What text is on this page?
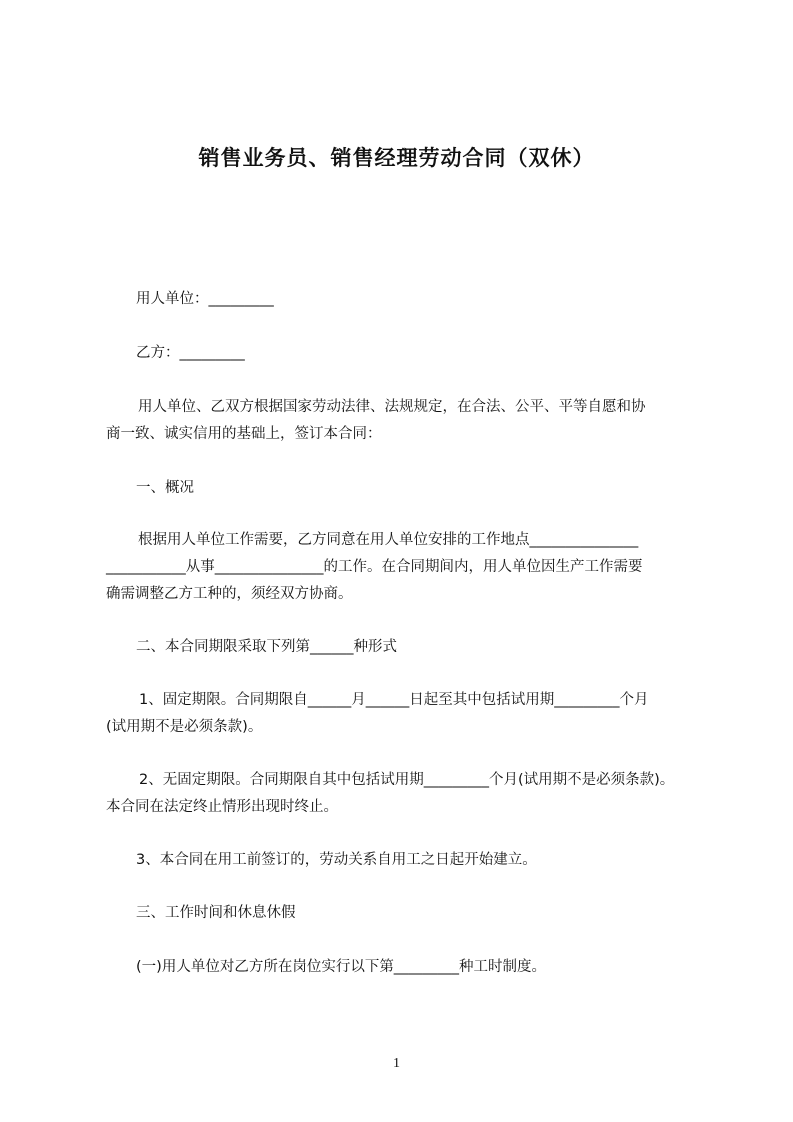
销售业务员、销售经理劳动合同（双休）
用人单位：_________
乙方：_________
用人单位、乙双方根据国家劳动法律、法规规定，在合法、公平、平等自愿和协
商一致、诚实信用的基础上，签订本合同：
一、概况
根据用人单位工作需要，乙方同意在用人单位安排的工作地点_______________
___________从事_______________的工作。在合同期间内，用人单位因生产工作需要
确需调整乙方工种的，须经双方协商。
二、本合同期限采取下列第______种形式
1、固定期限。合同期限自______月______日起至其中包括试用期_________个月
(试用期不是必须条款)。
2、无固定期限。合同期限自其中包括试用期_________个月(试用期不是必须条款)。
本合同在法定终止情形出现时终止。
3、本合同在用工前签订的，劳动关系自用工之日起开始建立。
三、工作时间和休息休假
(一)用人单位对乙方所在岗位实行以下第_________种工时制度。
1
